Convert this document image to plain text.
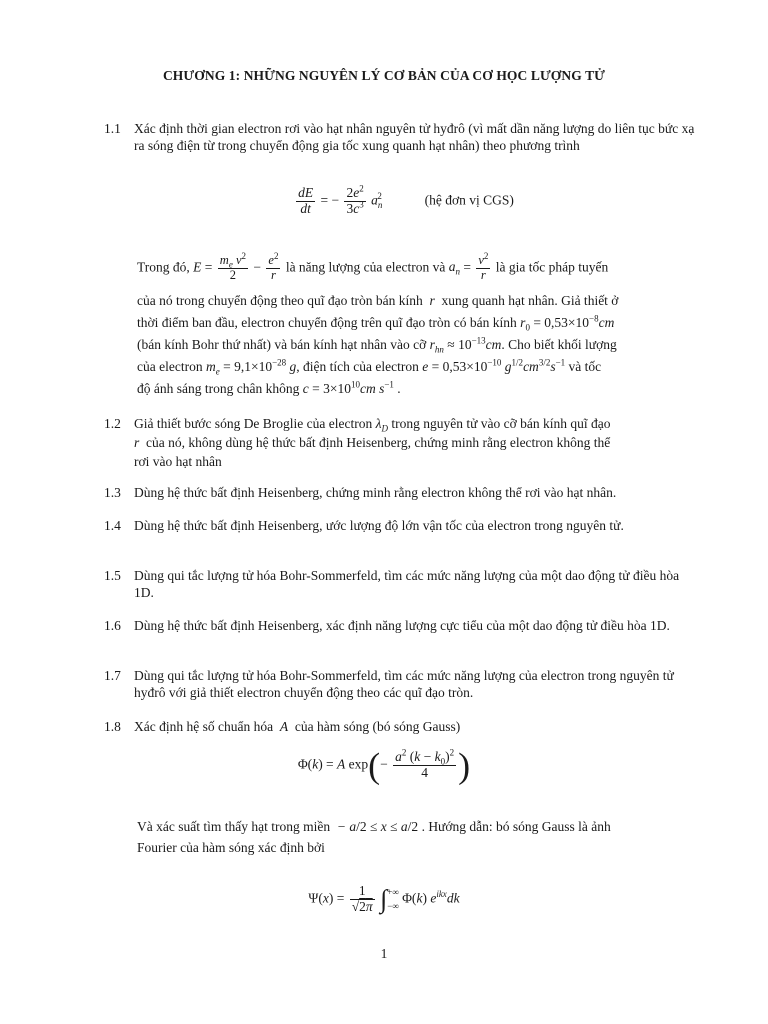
CHƯƠNG 1: NHỮNG NGUYÊN LÝ CƠ BẢN CỦA CƠ HỌC LƯỢNG TỬ
1.1 Xác định thời gian electron rơi vào hạt nhân nguyên tử hyđrô (vì mất dần năng lượng do liên tục bức xạ ra sóng điện từ trong chuyển động gia tốc xung quanh hạt nhân) theo phương trình
$\frac{dE}{dt}$ = − $\frac{2e^2}{3c^3} a_n^2$	(hệ đơn vị CGS)
Trong đó, $E = \frac{m_e v^2}{2} - \frac{e^2}{r}$ là năng lượng của electron và $a_n = \frac{v^2}{r}$ là gia tốc pháp tuyến
của nó trong chuyển động theo quĩ đạo tròn bán kính  r  xung quanh hạt nhân. Giả thiết ở
thời điểm ban đầu, electron chuyển động trên quĩ đạo tròn có bán kính $r_0 = 0,53\times 10^{-8}cm$
(bán kính Bohr thứ nhất) và bán kính hạt nhân vào cỡ $r_{hn} \approx 10^{-13}cm$. Cho biết khối lượng
của electron $m_e = 9,1\times 10^{-28}$ g, điện tích của electron $e = 0,53\times 10^{-10}$ $g^{1/2}cm^{3/2}s^{-1}$ và tốc
độ ánh sáng trong chân không $c = 3\times 10^{10}cm$ $s^{-1}$ .
1.2 Giả thiết bước sóng De Broglie của electron $\lambda_D$ trong nguyên tử vào cỡ bán kính quĩ đạo
r của nó, không dùng hệ thức bất định Heisenberg, chứng minh rằng electron không thể
rơi vào hạt nhân
1.3 Dùng hệ thức bất định Heisenberg, chứng minh rằng electron không thể rơi vào hạt nhân.
1.4 Dùng hệ thức bất định Heisenberg, ước lượng độ lớn vận tốc của electron trong nguyên tử.
1.5 Dùng qui tắc lượng tử hóa Bohr-Sommerfeld, tìm các mức năng lượng của một dao động tử điều hòa 1D.
1.6 Dùng hệ thức bất định Heisenberg, xác định năng lượng cực tiểu của một dao động tử điều hòa 1D.
1.7 Dùng qui tắc lượng tử hóa Bohr-Sommerfeld, tìm các mức năng lượng của electron trong nguyên tử hyđrô với giả thiết electron chuyển động theo các quĩ đạo tròn.
1.8 Xác định hệ số chuẩn hóa  A  của hàm sóng (bó sóng Gauss)
Φ(k) = A $\exp(- \frac{a^2 (k - k_0)^2}{4}$ )
Và xác suất tìm thấy hạt trong miền  − a/2 ≤ x ≤ a/2 . Hướng dẫn: bó sóng Gauss là ảnh
Fourier của hàm sóng xác định bởi
$\Psi(x) = \frac{1}{√2\pi}$ ∫+∞
−∞ Φ(k) $e^{ikx}dk$
1
